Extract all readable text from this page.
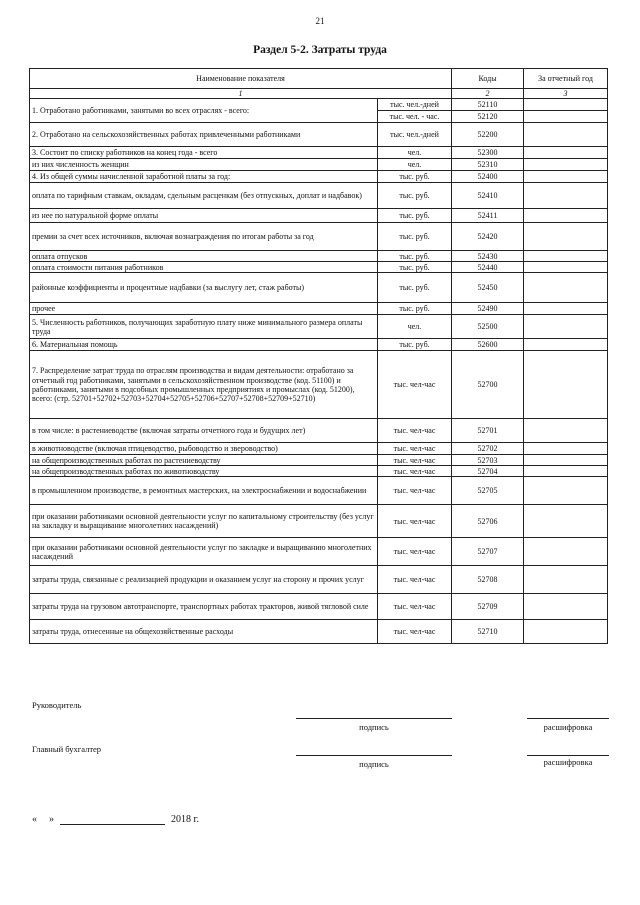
21
Раздел 5-2. Затраты труда
Наименование показателя		Коды	За отчетный год
1		2	3
1. Отработано работниками, занятыми во всех отраслях - всего:	тыс. чел.-дней	52110	
	тыс. чел. - час.	52120	
2. Отработано на сельскохозяйственных работах привлеченными работниками	тыс. чел.-дней	52200	
3. Состоит по списку работников на конец года - всего	чел.	52300	
из них численность женщин	чел.	52310	
4. Из общей суммы начисленной заработной платы за год:	тыс. руб.	52400	
оплата по тарифным ставкам, окладам, сдельным расценкам (без отпускных, доплат и надбавок)	тыс. руб.	52410	
из нее по натуральной форме оплаты	тыс. руб.	52411	
премии за счет всех источников, включая вознаграждения по итогам работы за год	тыс. руб.	52420	
оплата отпусков	тыс. руб.	52430	
оплата стоимости питания работников	тыс. руб.	52440	
районные коэффициенты и процентные надбавки (за выслугу лет, стаж работы)	тыс. руб.	52450	
прочее	тыс. руб.	52490	
5. Численность работников, получающих заработную плату ниже минимального размера оплаты труда	чел.	52500	
6. Материальная помощь	тыс. руб.	52600	
7. Распределение затрат труда по отраслям производства и видам деятельности: отработано за отчетный год работниками, занятыми в сельскохозяйственном производстве (код. 51100) и работниками, занятыми в подсобных промышленных предприятиях и промыслах (код. 51200), всего: (стр. 52701+52702+52703+52704+52705+52706+52707+52708+52709+52710)	тыс. чел-час	52700	
в том числе: в растениеводстве (включая затраты отчетного года и будущих лет)	тыс. чел-час	52701	
в животноводстве (включая птицеводство, рыбоводство и звероводство)	тыс. чел-час	52702	
на общепроизводственных работах по растениеводству	тыс. чел-час	52703	
на общепроизводственных работах по животноводству	тыс. чел-час	52704	
в промышленном производстве, в ремонтных мастерских, на электроснабжении и водоснабжении	тыс. чел-час	52705	
при оказании работниками основной деятельности услуг по капитальному строительству (без услуг на закладку и выращивание многолетних насаждений)	тыс. чел-час	52706	
при оказании работниками основной деятельности услуг по закладке и выращиванию многолетних насаждений	тыс. чел-час	52707	
затраты труда, связанные с реализацией продукции и оказанием услуг на сторону и прочих услуг	тыс. чел-час	52708	
затраты труда на грузовом автотранспорте, транспортных работах тракторов, живой тягловой силе	тыс. чел-час	52709	
затраты труда, отнесенные на общехозяйственные расходы	тыс. чел-час	52710	
Руководитель
подпись	расшифровка
Главный бухгалтер
подпись	расшифровка
« »	2018 г.
